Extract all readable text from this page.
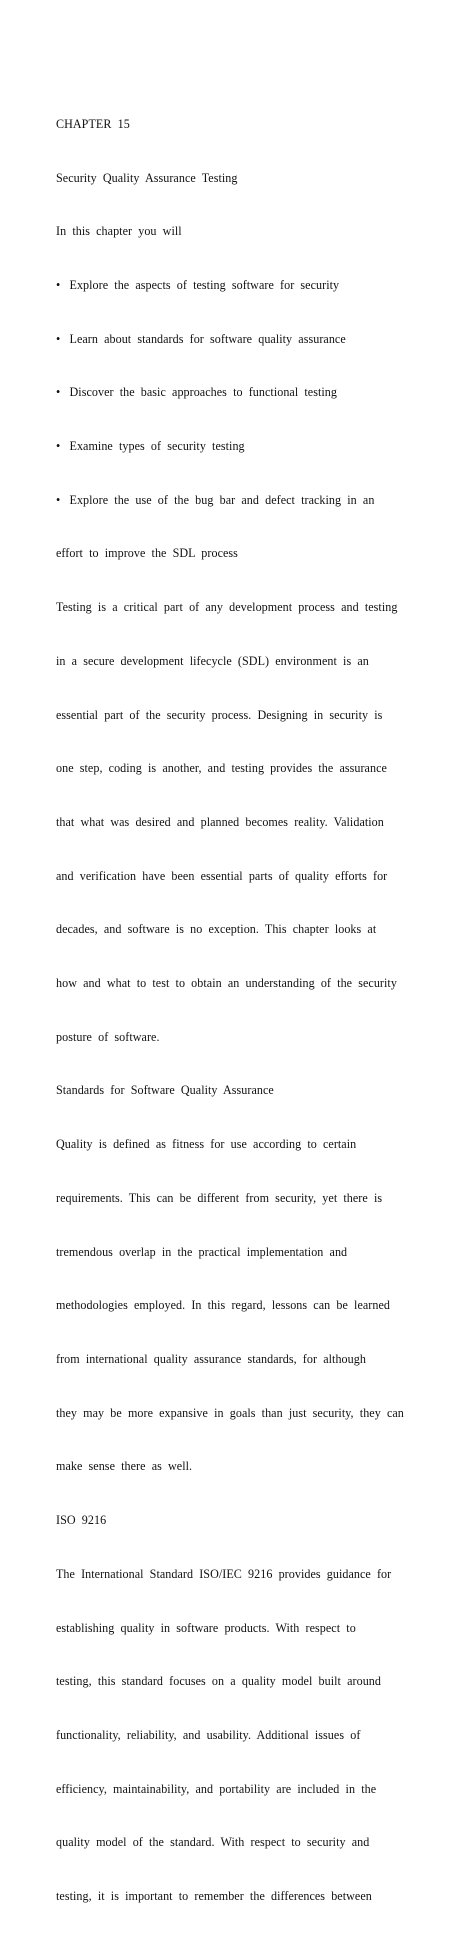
CHAPTER  15

Security  Quality  Assurance  Testing

In  this  chapter  you  will

•   Explore  the  aspects  of  testing  software  for  security

•   Learn  about  standards  for  software  quality  assurance

•   Discover  the  basic  approaches  to  functional  testing

•   Examine  types  of  security  testing

•   Explore  the  use  of  the  bug  bar  and  defect  tracking  in  an

effort  to  improve  the  SDL  process

Testing  is  a  critical  part  of  any  development  process  and  testing

in  a  secure  development  lifecycle  (SDL)  environment  is  an

essential  part  of  the  security  process.  Designing  in  security  is

one  step,  coding  is  another,  and  testing  provides  the  assurance

that  what  was  desired  and  planned  becomes  reality.  Validation

and  verification  have  been  essential  parts  of  quality  efforts  for

decades,  and  software  is  no  exception.  This  chapter  looks  at

how  and  what  to  test  to  obtain  an  understanding  of  the  security

posture  of  software.

Standards  for  Software  Quality  Assurance

Quality  is  defined  as  fitness  for  use  according  to  certain

requirements.  This  can  be  different  from  security,  yet  there  is

tremendous  overlap  in  the  practical  implementation  and

methodologies  employed.  In  this  regard,  lessons  can  be  learned

from  international  quality  assurance  standards,  for  although

they  may  be  more  expansive  in  goals  than  just  security,  they  can

make  sense  there  as  well.

ISO  9216

The  International  Standard  ISO/IEC  9216  provides  guidance  for

establishing  quality  in  software  products.  With  respect  to

testing,  this  standard  focuses  on  a  quality  model  built  around

functionality,  reliability,  and  usability.  Additional  issues  of

efficiency,  maintainability,  and  portability  are  included  in  the

quality  model  of  the  standard.  With  respect  to  security  and

testing,  it  is  important  to  remember  the  differences  between
